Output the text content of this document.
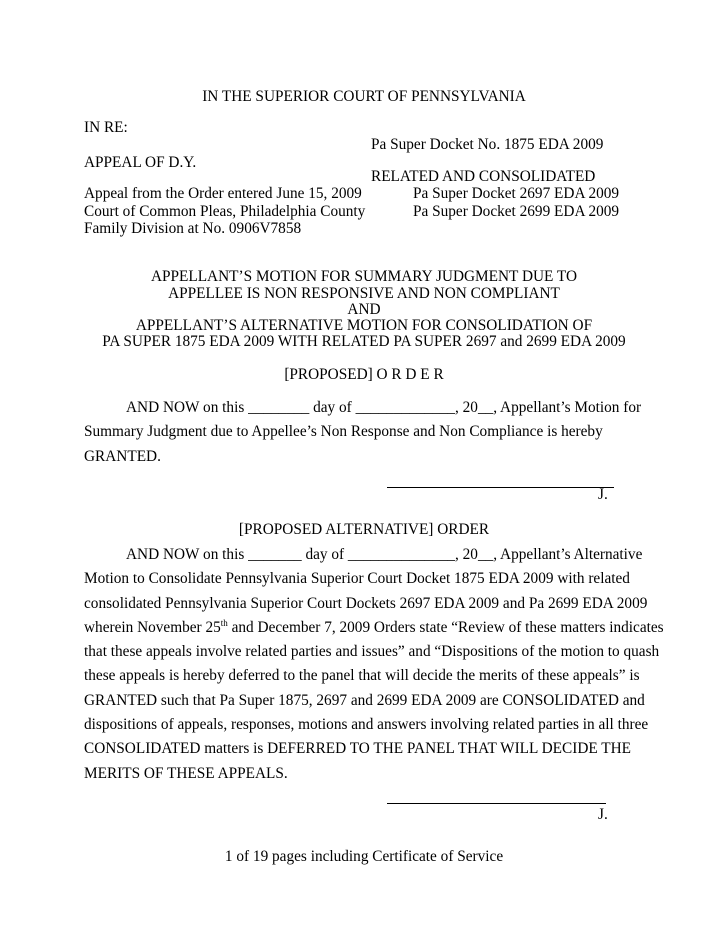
IN THE SUPERIOR COURT OF PENNSYLVANIA
IN RE:
APPEAL OF D.Y.
Appeal from the Order entered June 15, 2009
Court of Common Pleas, Philadelphia County
Family Division at No. 0906V7858
Pa Super Docket No. 1875 EDA 2009
RELATED AND CONSOLIDATED
Pa Super Docket 2697 EDA 2009
Pa Super Docket 2699 EDA 2009
APPELLANT’S MOTION FOR SUMMARY JUDGMENT DUE TO
APPELLEE IS NON RESPONSIVE AND NON COMPLIANT
AND
APPELLANT’S ALTERNATIVE MOTION FOR CONSOLIDATION OF
PA SUPER 1875 EDA 2009 WITH RELATED PA SUPER 2697 and 2699 EDA 2009
[PROPOSED] O R D E R
AND NOW on this ________ day of _____________, 20__, Appellant’s Motion for
Summary Judgment due to Appellee’s Non Response and Non Compliance is hereby
GRANTED.
J.
[PROPOSED ALTERNATIVE] ORDER
AND NOW on this _______ day of ______________, 20__, Appellant’s Alternative
Motion to Consolidate Pennsylvania Superior Court Docket 1875 EDA 2009 with related
consolidated Pennsylvania Superior Court Dockets 2697 EDA 2009 and Pa 2699 EDA 2009
wherein November 25th and December 7, 2009 Orders state “Review of these matters indicates
that these appeals involve related parties and issues” and “Dispositions of the motion to quash
these appeals is hereby deferred to the panel that will decide the merits of these appeals” is
GRANTED such that Pa Super 1875, 2697 and 2699 EDA 2009 are CONSOLIDATED and
dispositions of appeals, responses, motions and answers involving related parties in all three
CONSOLIDATED matters is DEFERRED TO THE PANEL THAT WILL DECIDE THE
MERITS OF THESE APPEALS.
J.
1 of 19 pages including Certificate of Service
